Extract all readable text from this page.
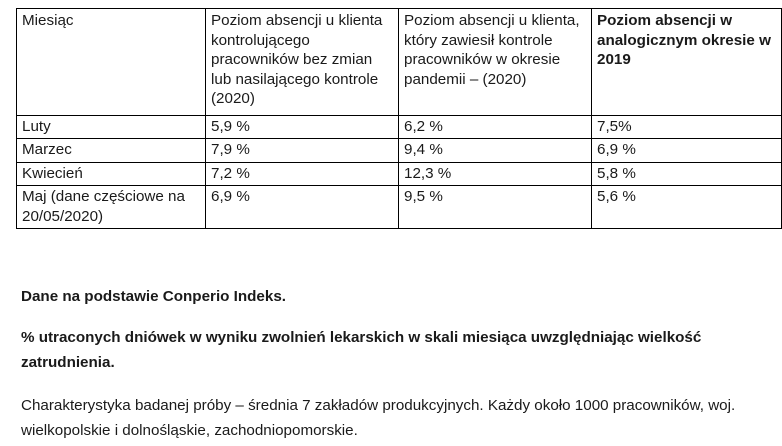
Miesiąc	Poziom absencji u klienta kontrolującego pracowników bez zmian lub nasilającego kontrole (2020)	Poziom absencji u klienta, który zawiesił kontrole pracowników w okresie pandemii – (2020)	Poziom absencji w analogicznym okresie w 2019
Luty	5,9 %	6,2 %	7,5%
Marzec	7,9 %	9,4 %	6,9 %
Kwiecień	7,2 %	12,3 %	5,8 %
Maj (dane częściowe na 20/05/2020)	6,9 %	9,5 %	5,6 %

Dane na podstawie Conperio Indeks.

% utraconych dniówek w wyniku zwolnień lekarskich w skali miesiąca uwzględniając wielkość zatrudnienia.

Charakterystyka badanej próby – średnia 7 zakładów produkcyjnych. Każdy około 1000 pracowników, woj. wielkopolskie i dolnośląskie, zachodniopomorskie.
